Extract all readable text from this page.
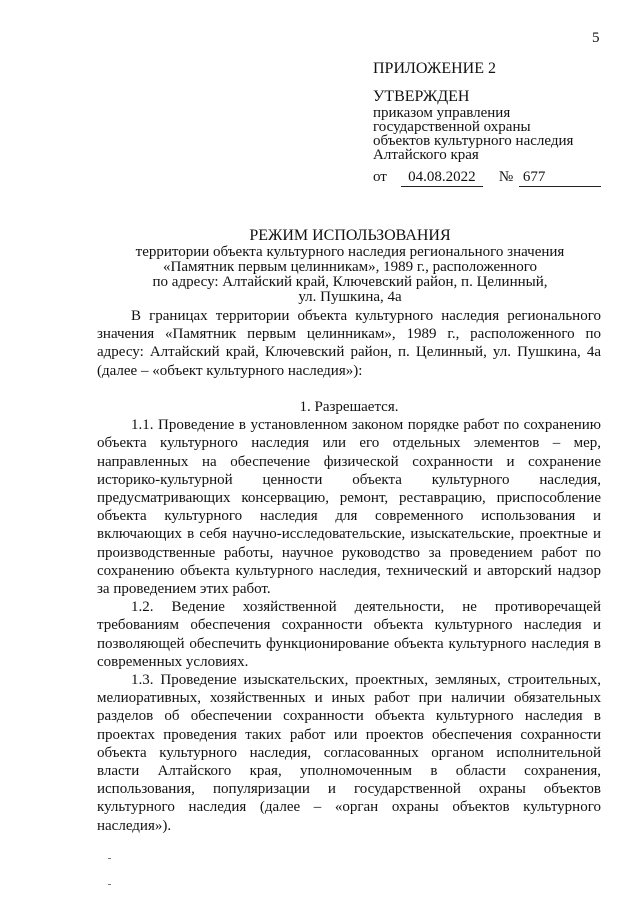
5
ПРИЛОЖЕНИЕ 2
УТВЕРЖДЕН
приказом управления
государственной охраны
объектов культурного наследия
Алтайского края
от 04.08.2022 № 677
РЕЖИМ ИСПОЛЬЗОВАНИЯ
территории объекта культурного наследия регионального значения
«Памятник первым целинникам», 1989 г., расположенного
по адресу: Алтайский край, Ключевский район, п. Целинный,
ул. Пушкина, 4а

В границах территории объекта культурного наследия регионального значения «Памятник первым целинникам», 1989 г., расположенного по адресу: Алтайский край, Ключевский район, п. Целинный, ул. Пушкина, 4а (далее – «объект культурного наследия»):

1. Разрешается.

1.1. Проведение в установленном законом порядке работ по сохранению объекта культурного наследия или его отдельных элементов – мер, направленных на обеспечение физической сохранности и сохранение историко-культурной ценности объекта культурного наследия, предусматривающих консервацию, ремонт, реставрацию, приспособление объекта культурного наследия для современного использования и включающих в себя научно-исследовательские, изыскательские, проектные и производственные работы, научное руководство за проведением работ по сохранению объекта культурного наследия, технический и авторский надзор за проведением этих работ.

1.2. Ведение хозяйственной деятельности, не противоречащей требованиям обеспечения сохранности объекта культурного наследия и позволяющей обеспечить функционирование объекта культурного наследия в современных условиях.

1.3. Проведение изыскательских, проектных, земляных, строительных, мелиоративных, хозяйственных и иных работ при наличии обязательных разделов об обеспечении сохранности объекта культурного наследия в проектах проведения таких работ или проектов обеспечения сохранности объекта культурного наследия, согласованных органом исполнительной власти Алтайского края, уполномоченным в области сохранения, использования, популяризации и государственной охраны объектов культурного наследия (далее – «орган охраны объектов культурного наследия»).
